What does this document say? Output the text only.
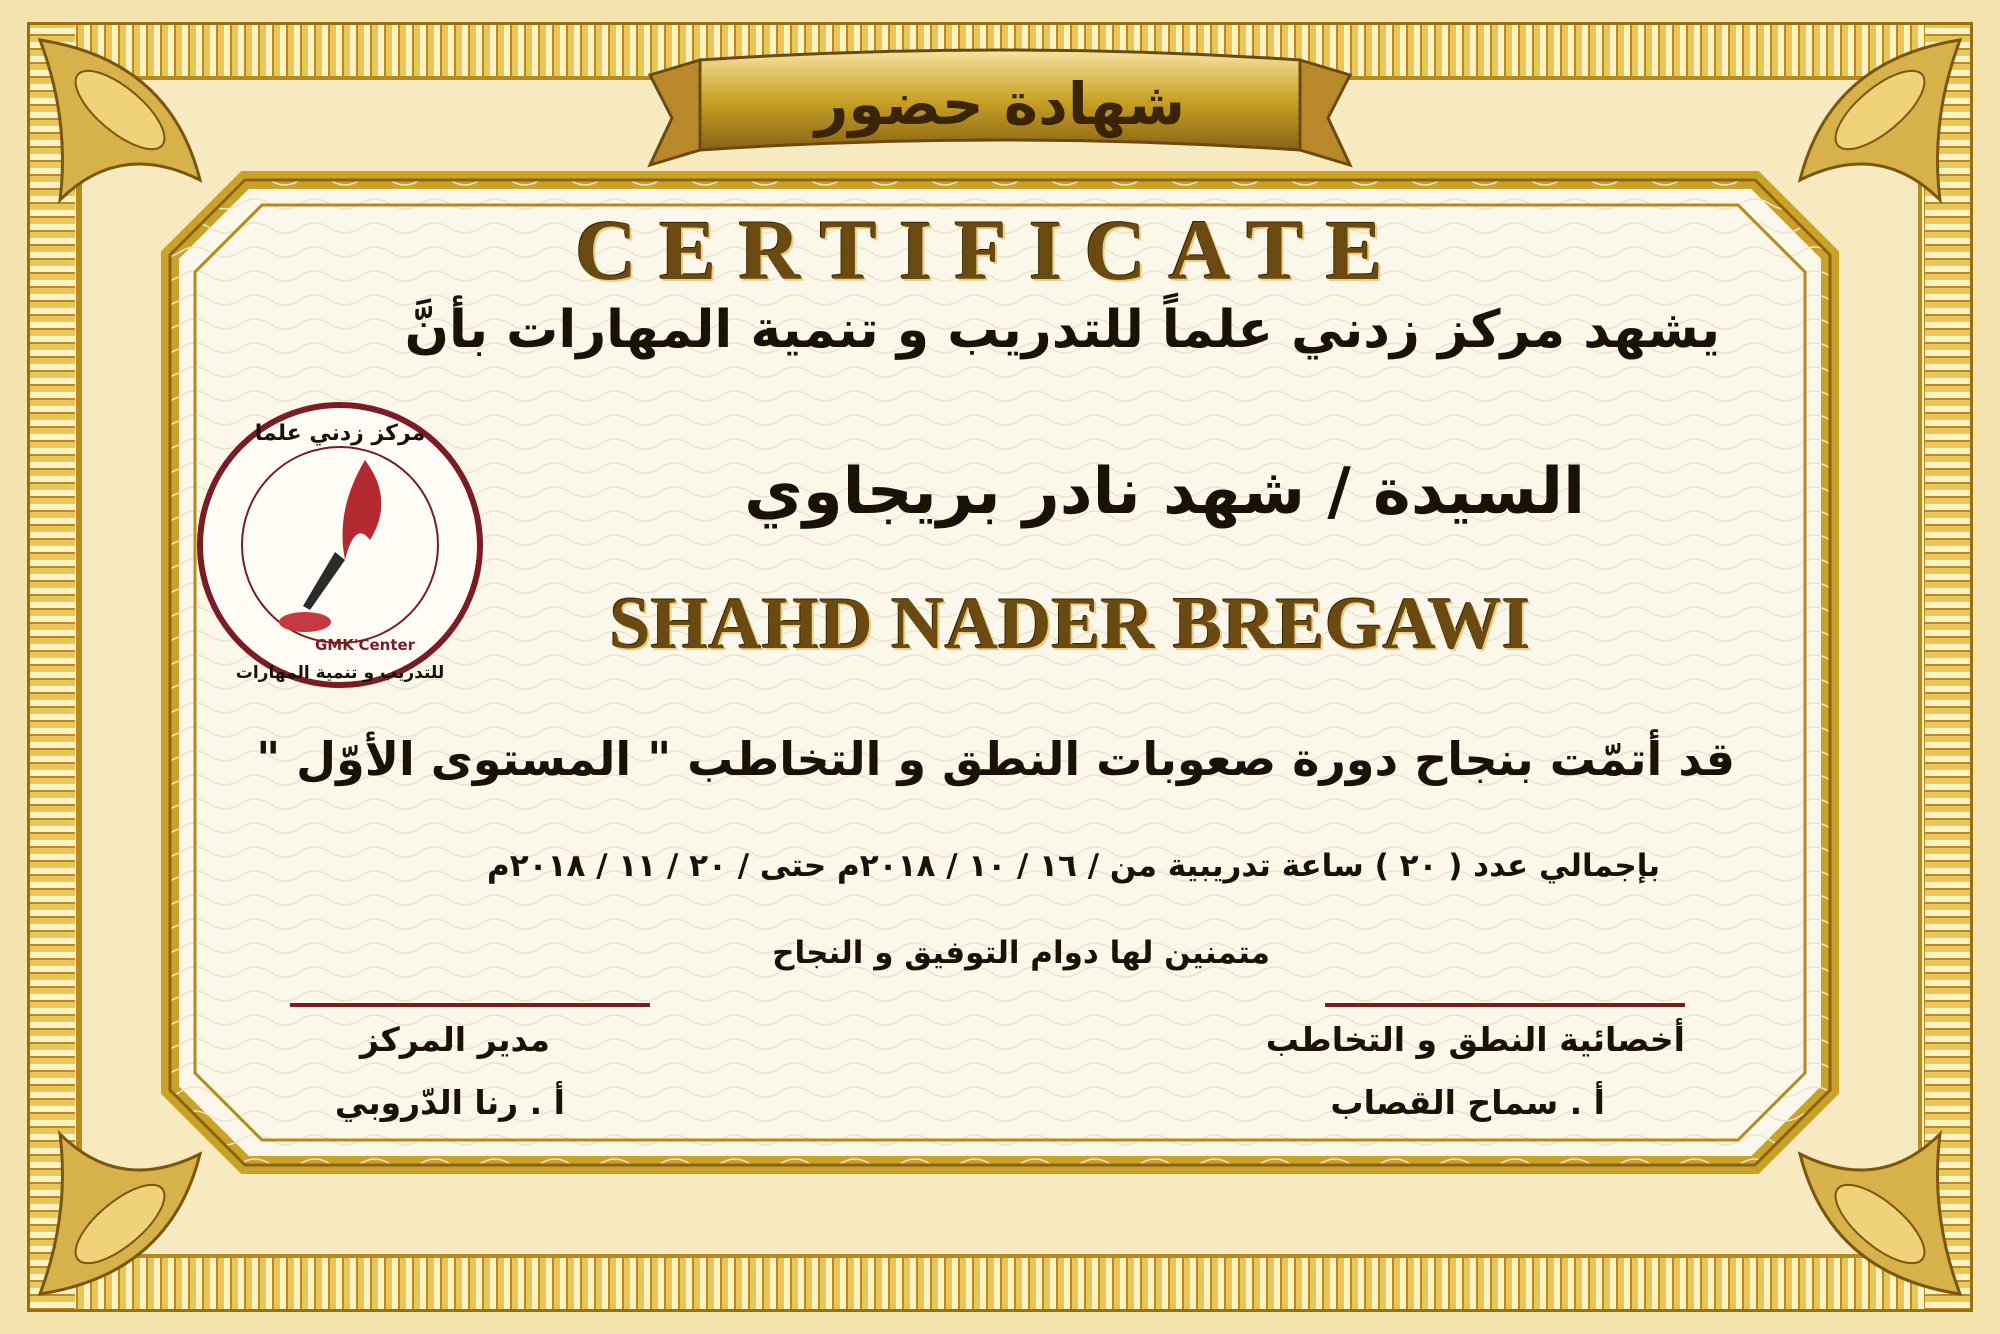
GMK'Center
مركز زدني علما
للتدريب و تنمية المهارات
شهادة حضور
CERTIFICATE
يشهد مركز زدني علماً للتدريب و تنمية المهارات بأنَّ
السيدة / شهد نادر بريجاوي
SHAHD NADER BREGAWI
قد أتمّت بنجاح دورة صعوبات النطق و التخاطب " المستوى الأوّل "
بإجمالي عدد ( ٢٠ ) ساعة تدريبية من / ١٦ / ١٠ / ٢٠١٨م حتى / ٢٠ / ١١ / ٢٠١٨م
متمنين لها دوام التوفيق و النجاح
مدير المركز
أ . رنا الدّروبي
أخصائية النطق و التخاطب
أ . سماح القصاب
